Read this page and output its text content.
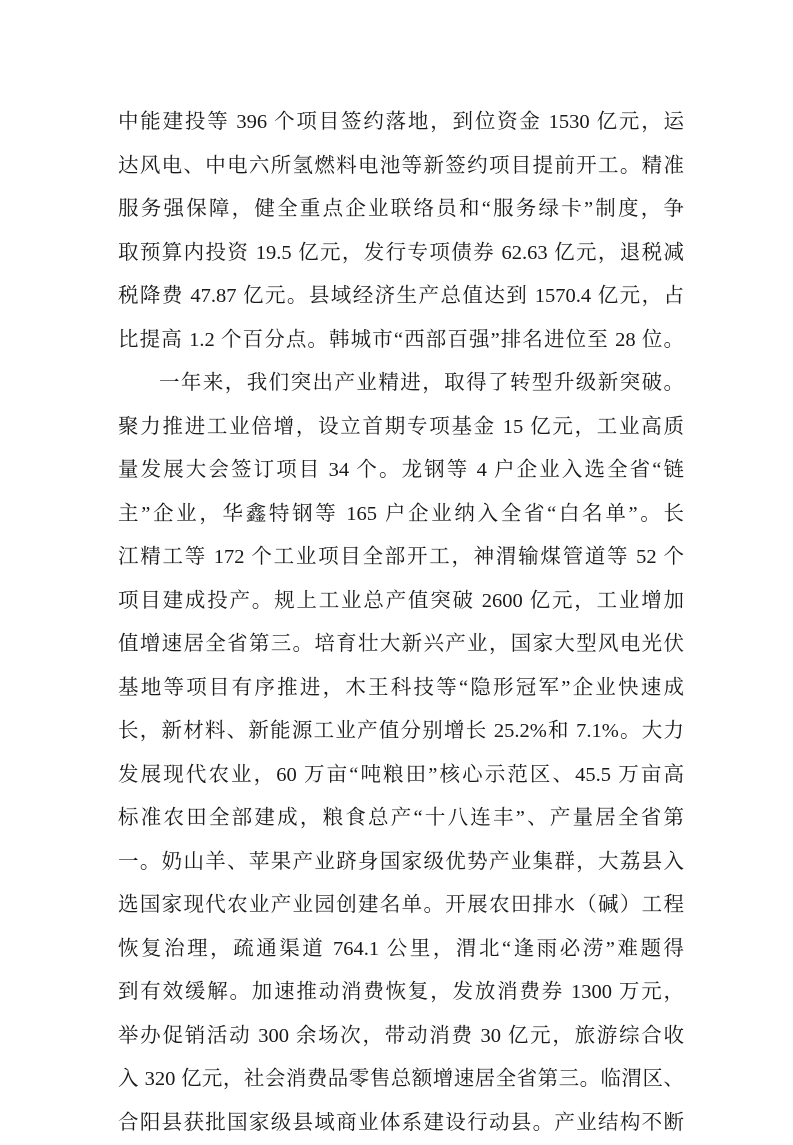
中能建投等 396 个项目签约落地，到位资金 1530 亿元，运
达风电、中电六所氢燃料电池等新签约项目提前开工。精准
服务强保障，健全重点企业联络员和“服务绿卡”制度，争
取预算内投资 19.5 亿元，发行专项债券 62.63 亿元，退税减
税降费 47.87 亿元。县域经济生产总值达到 1570.4 亿元，占
比提高 1.2 个百分点。韩城市“西部百强”排名进位至 28 位。
一年来，我们突出产业精进，取得了转型升级新突破。
聚力推进工业倍增，设立首期专项基金 15 亿元，工业高质
量发展大会签订项目 34 个。龙钢等 4 户企业入选全省“链
主”企业，华鑫特钢等 165 户企业纳入全省“白名单”。长
江精工等 172 个工业项目全部开工，神渭输煤管道等 52 个
项目建成投产。规上工业总产值突破 2600 亿元，工业增加
值增速居全省第三。培育壮大新兴产业，国家大型风电光伏
基地等项目有序推进，木王科技等“隐形冠军”企业快速成
长，新材料、新能源工业产值分别增长 25.2%和 7.1%。大力
发展现代农业，60 万亩“吨粮田”核心示范区、45.5 万亩高
标准农田全部建成，粮食总产“十八连丰”、产量居全省第
一。奶山羊、苹果产业跻身国家级优势产业集群，大荔县入
选国家现代农业产业园创建名单。开展农田排水（碱）工程
恢复治理，疏通渠道 764.1 公里，渭北“逢雨必涝”难题得
到有效缓解。加速推动消费恢复，发放消费券 1300 万元，
举办促销活动 300 余场次，带动消费 30 亿元，旅游综合收
入 320 亿元，社会消费品零售总额增速居全省第三。临渭区、
合阳县获批国家级县域商业体系建设行动县。产业结构不断
